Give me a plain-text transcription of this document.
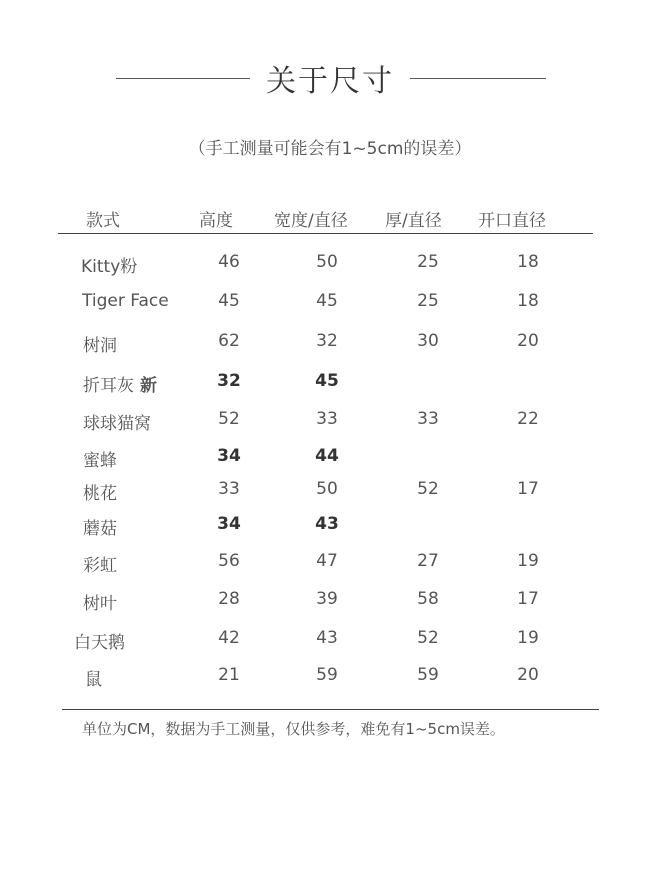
关于尺寸
（手工测量可能会有1~5cm的误差）
款式	高度 宽度/直径 厚/直径 开口直径
Kitty粉	46	50	25	18
Tiger Face	45	45	25	18
树洞	62	32	30	20
折耳灰 新	32	45
球球猫窝	52	33	33	22
蜜蜂	34	44
桃花	33	50	52	17
蘑菇	34	43
彩虹	56	47	27	19
树叶	28	39	58	17
白天鹅	42	43	52	19
鼠	21	59	59	20
单位为CM，数据为手工测量，仅供参考，难免有1~5cm误差。
